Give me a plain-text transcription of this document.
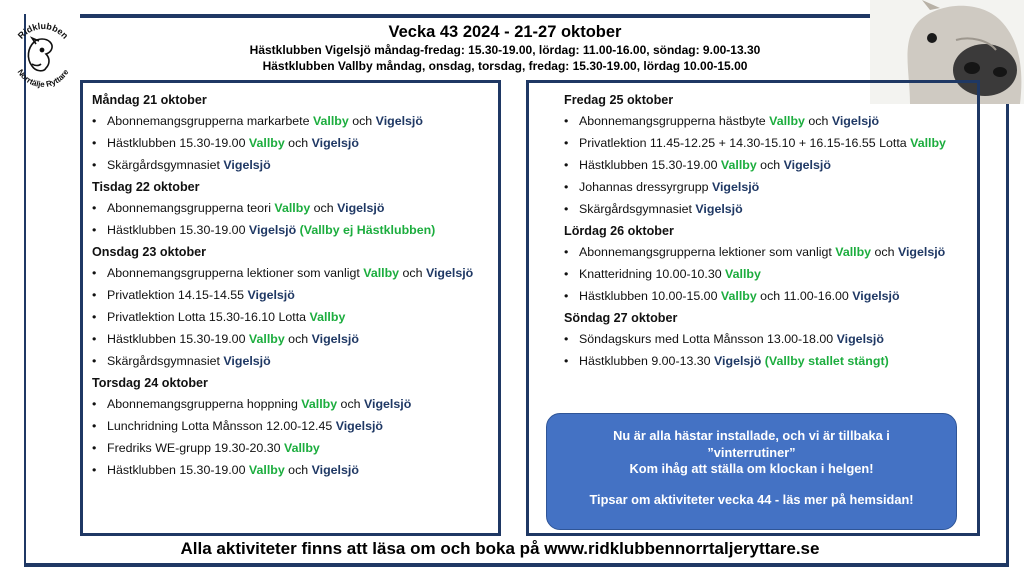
Ridklubben
Norrtälje Ryttare
Vecka 43 2024 - 21-27 oktober
Hästklubben Vigelsjö måndag-fredag: 15.30-19.00, lördag: 11.00-16.00, söndag: 9.00-13.30
Hästklubben Vallby måndag, onsdag, torsdag, fredag: 15.30-19.00, lördag 10.00-15.00
Måndag 21 oktober
• Abonnemangsgrupperna markarbete Vallby och Vigelsjö
• Hästklubben 15.30-19.00 Vallby och Vigelsjö
• Skärgårdsgymnasiet Vigelsjö
Tisdag 22 oktober
• Abonnemangsgrupperna teori Vallby och Vigelsjö
• Hästklubben 15.30-19.00 Vigelsjö (Vallby ej Hästklubben)
Onsdag 23 oktober
• Abonnemangsgrupperna lektioner som vanligt Vallby och Vigelsjö
• Privatlektion 14.15-14.55 Vigelsjö
• Privatlektion Lotta 15.30-16.10 Lotta Vallby
• Hästklubben 15.30-19.00 Vallby och Vigelsjö
• Skärgårdsgymnasiet Vigelsjö
Torsdag 24 oktober
• Abonnemangsgrupperna hoppning Vallby och Vigelsjö
• Lunchridning Lotta Månsson 12.00-12.45 Vigelsjö
• Fredriks WE-grupp 19.30-20.30 Vallby
• Hästklubben 15.30-19.00 Vallby och Vigelsjö
Fredag 25 oktober
• Abonnemangsgrupperna hästbyte Vallby och Vigelsjö
• Privatlektion 11.45-12.25 + 14.30-15.10 + 16.15-16.55 Lotta Vallby
• Hästklubben 15.30-19.00 Vallby och Vigelsjö
• Johannas dressyrgrupp Vigelsjö
• Skärgårdsgymnasiet Vigelsjö
Lördag 26 oktober
• Abonnemangsgrupperna lektioner som vanligt Vallby och Vigelsjö
• Knatteridning 10.00-10.30 Vallby
• Hästklubben 10.00-15.00 Vallby och 11.00-16.00 Vigelsjö
Söndag 27 oktober
• Söndagskurs med Lotta Månsson 13.00-18.00 Vigelsjö
• Hästklubben 9.00-13.30 Vigelsjö (Vallby stallet stängt)

Nu är alla hästar installade, och vi är tillbaka i

”vinterrutiner”

Kom ihåg att ställa om klockan i helgen!

Tipsar om aktiviteter vecka 44 - läs mer på hemsidan!

Alla aktiviteter finns att läsa om och boka på www.ridklubbennorrtaljeryttare.se
